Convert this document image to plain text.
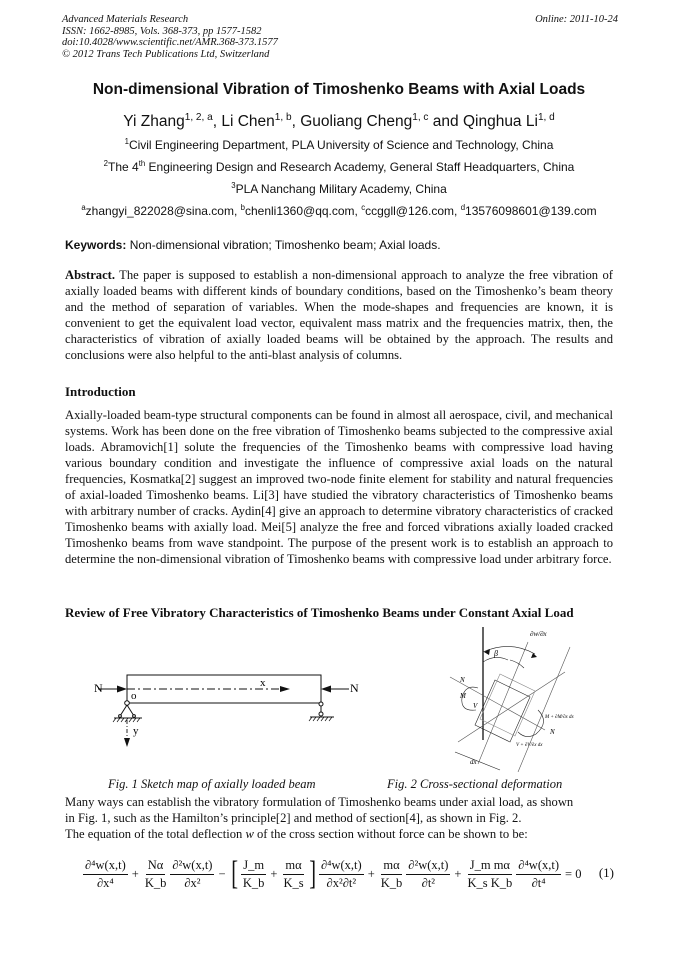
Advanced Materials Research
ISSN: 1662-8985, Vols. 368-373, pp 1577-1582
doi:10.4028/www.scientific.net/AMR.368-373.1577
© 2012 Trans Tech Publications Ltd, Switzerland
Online: 2011-10-24
Non-dimensional Vibration of Timoshenko Beams with Axial Loads
Yi Zhang$^{1, 2, a}$, Li Chen$^{1, b}$, Guoliang Cheng$^{1, c}$ and Qinghua Li$^{1, d}$
$^1$Civil Engineering Department, PLA University of Science and Technology, China
$^2$The 4th Engineering Design and Research Academy, General Staff Headquarters, China
$^3$PLA Nanchang Military Academy, China
$^a$zhangyi_822028@sina.com, $^b$chenli1360@qq.com, $^c$ccggll@126.com, $^d$13576098601@139.com
Keywords: Non-dimensional vibration; Timoshenko beam; Axial loads.
Abstract. The paper is supposed to establish a non-dimensional approach to analyze the free vibration of axially loaded beams with different kinds of boundary conditions, based on the Timoshenko’s beam theory and the method of separation of variables. When the mode-shapes and frequencies are known, it is convenient to get the equivalent load vector, equivalent mass matrix and the frequencies matrix, then, the characteristics of vibration of axially loaded beams will be obtained by the approach. The results and conclusions were also helpful to the anti-blast analysis of columns.
Introduction
Axially-loaded beam-type structural components can be found in almost all aerospace, civil, and mechanical systems. Work has been done on the free vibration of Timoshenko beams subjected to the compressive axial loads. Abramovich[1] solute the frequencies of the Timoshenko beams with compressive load having various boundary condition and investigate the influence of compressive axial loads on the natural frequencies, Kosmatka[2] suggest an improved two-node finite element for stability and natural frequencies of axial-loaded Timoshenko beams. Li[3] have studied the vibratory characteristics of Timoshenko beams with arbitrary number of cracks. Aydin[4] give an approach to determine vibratory characteristics of cracked Timoshenko beams with axially load. Mei[5] analyze the free and forced vibrations axially loaded cracked Timoshenko beams from wave standpoint. The purpose of the present work is to establish an approach to determine the non-dimensional vibration of Timoshenko beams with compressive load under arbitrary force.
Review of Free Vibratory Characteristics of Timoshenko Beams under Constant Axial Load
N	N
x
o
y
∂w/∂x
β
N
M
V
N
M + ∂M/∂x dx
V + ∂V/∂x dx
dx
Fig. 1 Sketch map of axially loaded beam	Fig. 2 Cross-sectional deformation
Many ways can establish the vibratory formulation of Timoshenko beams under axial load, as shown
in Fig. 1, such as the Hamilton’s principle[2] and method of section[4], as shown in Fig. 2.
The equation of the total deflection w of the cross section without force can be shown to be:
$\frac{\text{∂⁴w(x,t)}}{\text{∂x⁴}} + \frac{N\alpha}{K\_b} \frac{\text{∂²w(x,t)}}{\text{∂x²}}$ − [ $\frac{J\_m}{K\_b} + \frac{m\alpha}{K\_s}$ ] $\frac{\text{∂⁴w(x,t)}}{\text{∂x²∂t²}} + \frac{m\alpha}{K\_b} \frac{\text{∂²w(x,t)}}{\text{∂t²}} + \frac{\text{J\_m mα}}{\text{K\_s K\_b}} \frac{\text{∂⁴w(x,t)}}{\text{∂t⁴}} = 0$ (1)
